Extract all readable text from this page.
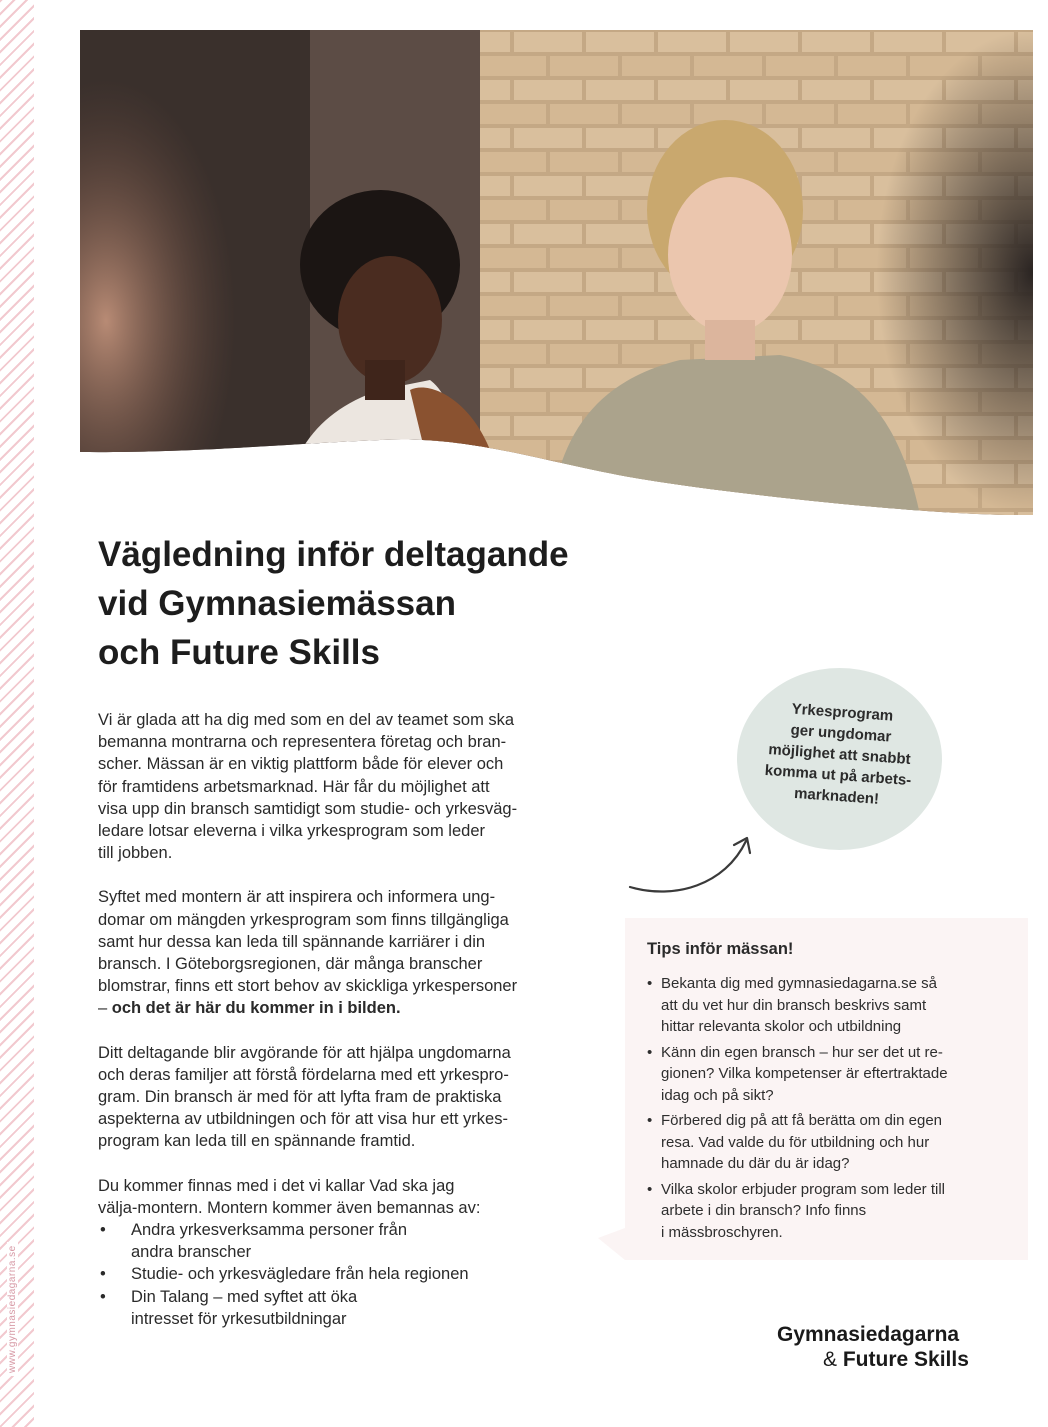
www.gymnasiedagarna.se
Vägledning inför deltagande
vid Gymnasiemässan
och Future Skills

Vi är glada att ha dig med som en del av teamet som ska
bemanna montrarna och representera företag och bran-
scher. Mässan är en viktig plattform både för elever och
för framtidens arbetsmarknad. Här får du möjlighet att
visa upp din bransch samtidigt som studie- och yrkesväg-
ledare lotsar eleverna i vilka yrkesprogram som leder
till jobben.

Syftet med montern är att inspirera och informera ung-
domar om mängden yrkesprogram som finns tillgängliga
samt hur dessa kan leda till spännande karriärer i din
bransch. I Göteborgsregionen, där många branscher
blomstrar, finns ett stort behov av skickliga yrkespersoner
– och det är här du kommer in i bilden.

Ditt deltagande blir avgörande för att hjälpa ungdomarna
och deras familjer att förstå fördelarna med ett yrkespro-
gram. Din bransch är med för att lyfta fram de praktiska
aspekterna av utbildningen och för att visa hur ett yrkes-
program kan leda till en spännande framtid.

Du kommer finnas med i det vi kallar Vad ska jag
välja-montern. Montern kommer även bemannas av:

• Andra yrkesverksamma personer från
andra branscher
• Studie- och yrkesvägledare från hela regionen
• Din Talang – med syftet att öka
intresset för yrkesutbildningar
Yrkesprogram
ger ungdomar
möjlighet att snabbt
komma ut på arbets-
marknaden!
Tips inför mässan!
• Bekanta dig med gymnasiedagarna.se så
att du vet hur din bransch beskrivs samt
hittar relevanta skolor och utbildning
• Känn din egen bransch – hur ser det ut re-
gionen? Vilka kompetenser är eftertraktade
idag och på sikt?
• Förbered dig på att få berätta om din egen
resa. Vad valde du för utbildning och hur
hamnade du där du är idag?
• Vilka skolor erbjuder program som leder till
arbete i din bransch? Info finns
i mässbroschyren.
Gymnasiedagarna
& Future Skills
